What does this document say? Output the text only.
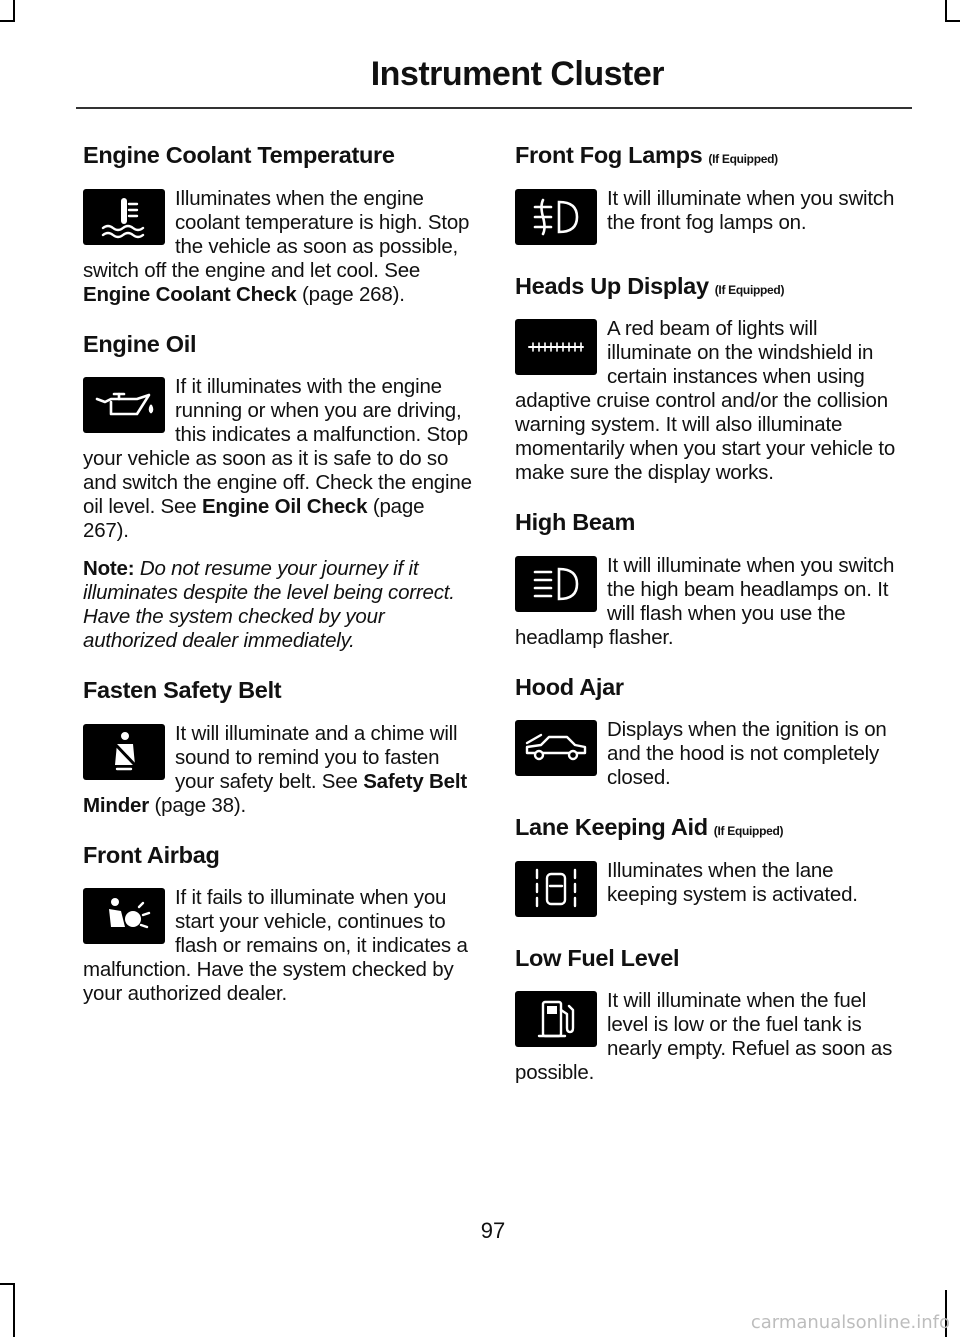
Instrument Cluster
Engine Coolant Temperature

Illuminates when the engine coolant temperature is high. Stop the vehicle as soon as possible, switch off the engine and let cool. See Engine Coolant Check (page 268).

Engine Oil

If it illuminates with the engine running or when you are driving, this indicates a malfunction. Stop your vehicle as soon as it is safe to do so and switch the engine off. Check the engine oil level. See Engine Oil Check (page 267).

Note: Do not resume your journey if it illuminates despite the level being correct. Have the system checked by your authorized dealer immediately.

Fasten Safety Belt

It will illuminate and a chime will sound to remind you to fasten your safety belt. See Safety Belt Minder (page 38).

Front Airbag

If it fails to illuminate when you start your vehicle, continues to flash or remains on, it indicates a malfunction. Have the system checked by your authorized dealer.

Front Fog Lamps (If Equipped)

It will illuminate when you switch the front fog lamps on.

Heads Up Display (If Equipped)

A red beam of lights will illuminate on the windshield in certain instances when using adaptive cruise control and/or the collision warning system. It will also illuminate momentarily when you start your vehicle to make sure the display works.

High Beam

It will illuminate when you switch the high beam headlamps on. It will flash when you use the headlamp flasher.

Hood Ajar

Displays when the ignition is on and the hood is not completely closed.

Lane Keeping Aid (If Equipped)

Illuminates when the lane keeping system is activated.

Low Fuel Level

It will illuminate when the fuel level is low or the fuel tank is nearly empty. Refuel as soon as possible.

97
carmanualsonline.info
